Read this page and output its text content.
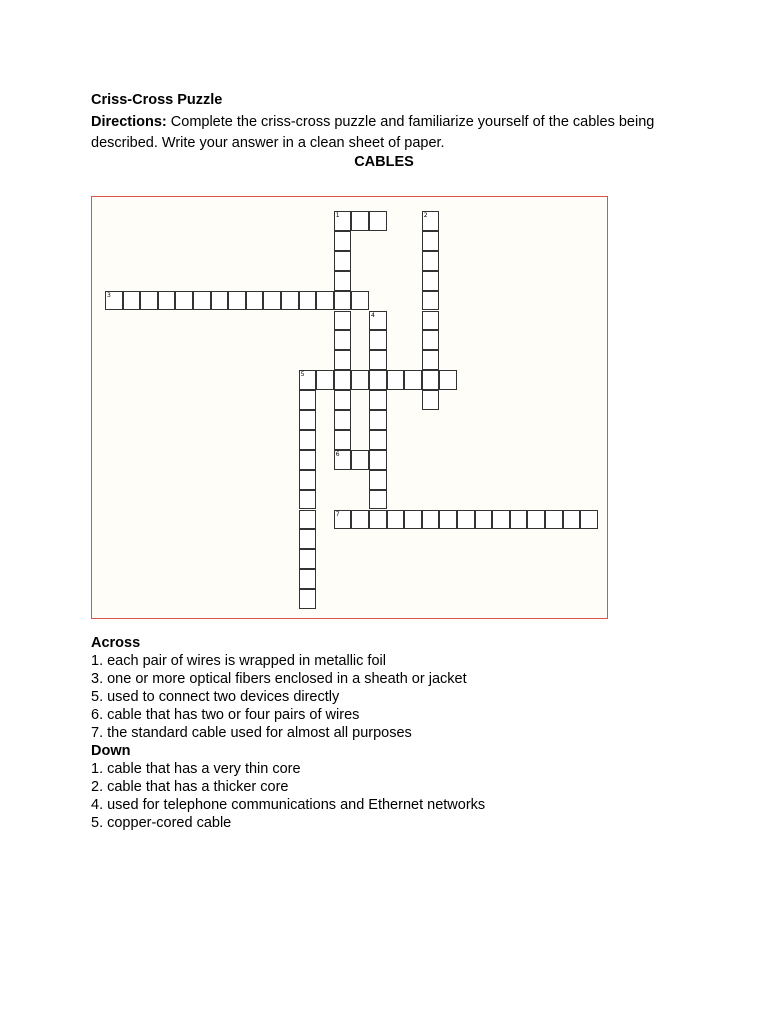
Criss-Cross Puzzle
Directions: Complete the criss-cross puzzle and familiarize yourself of the cables being described. Write your answer in a clean sheet of paper.
CABLES
1	2
3
4
5
6
7
Across
1. each pair of wires is wrapped in metallic foil
3. one or more optical fibers enclosed in a sheath or jacket
5. used to connect two devices directly
6. cable that has two or four pairs of wires
7. the standard cable used for almost all purposes
Down
1. cable that has a very thin core
2. cable that has a thicker core
4. used for telephone communications and Ethernet networks
5. copper-cored cable
